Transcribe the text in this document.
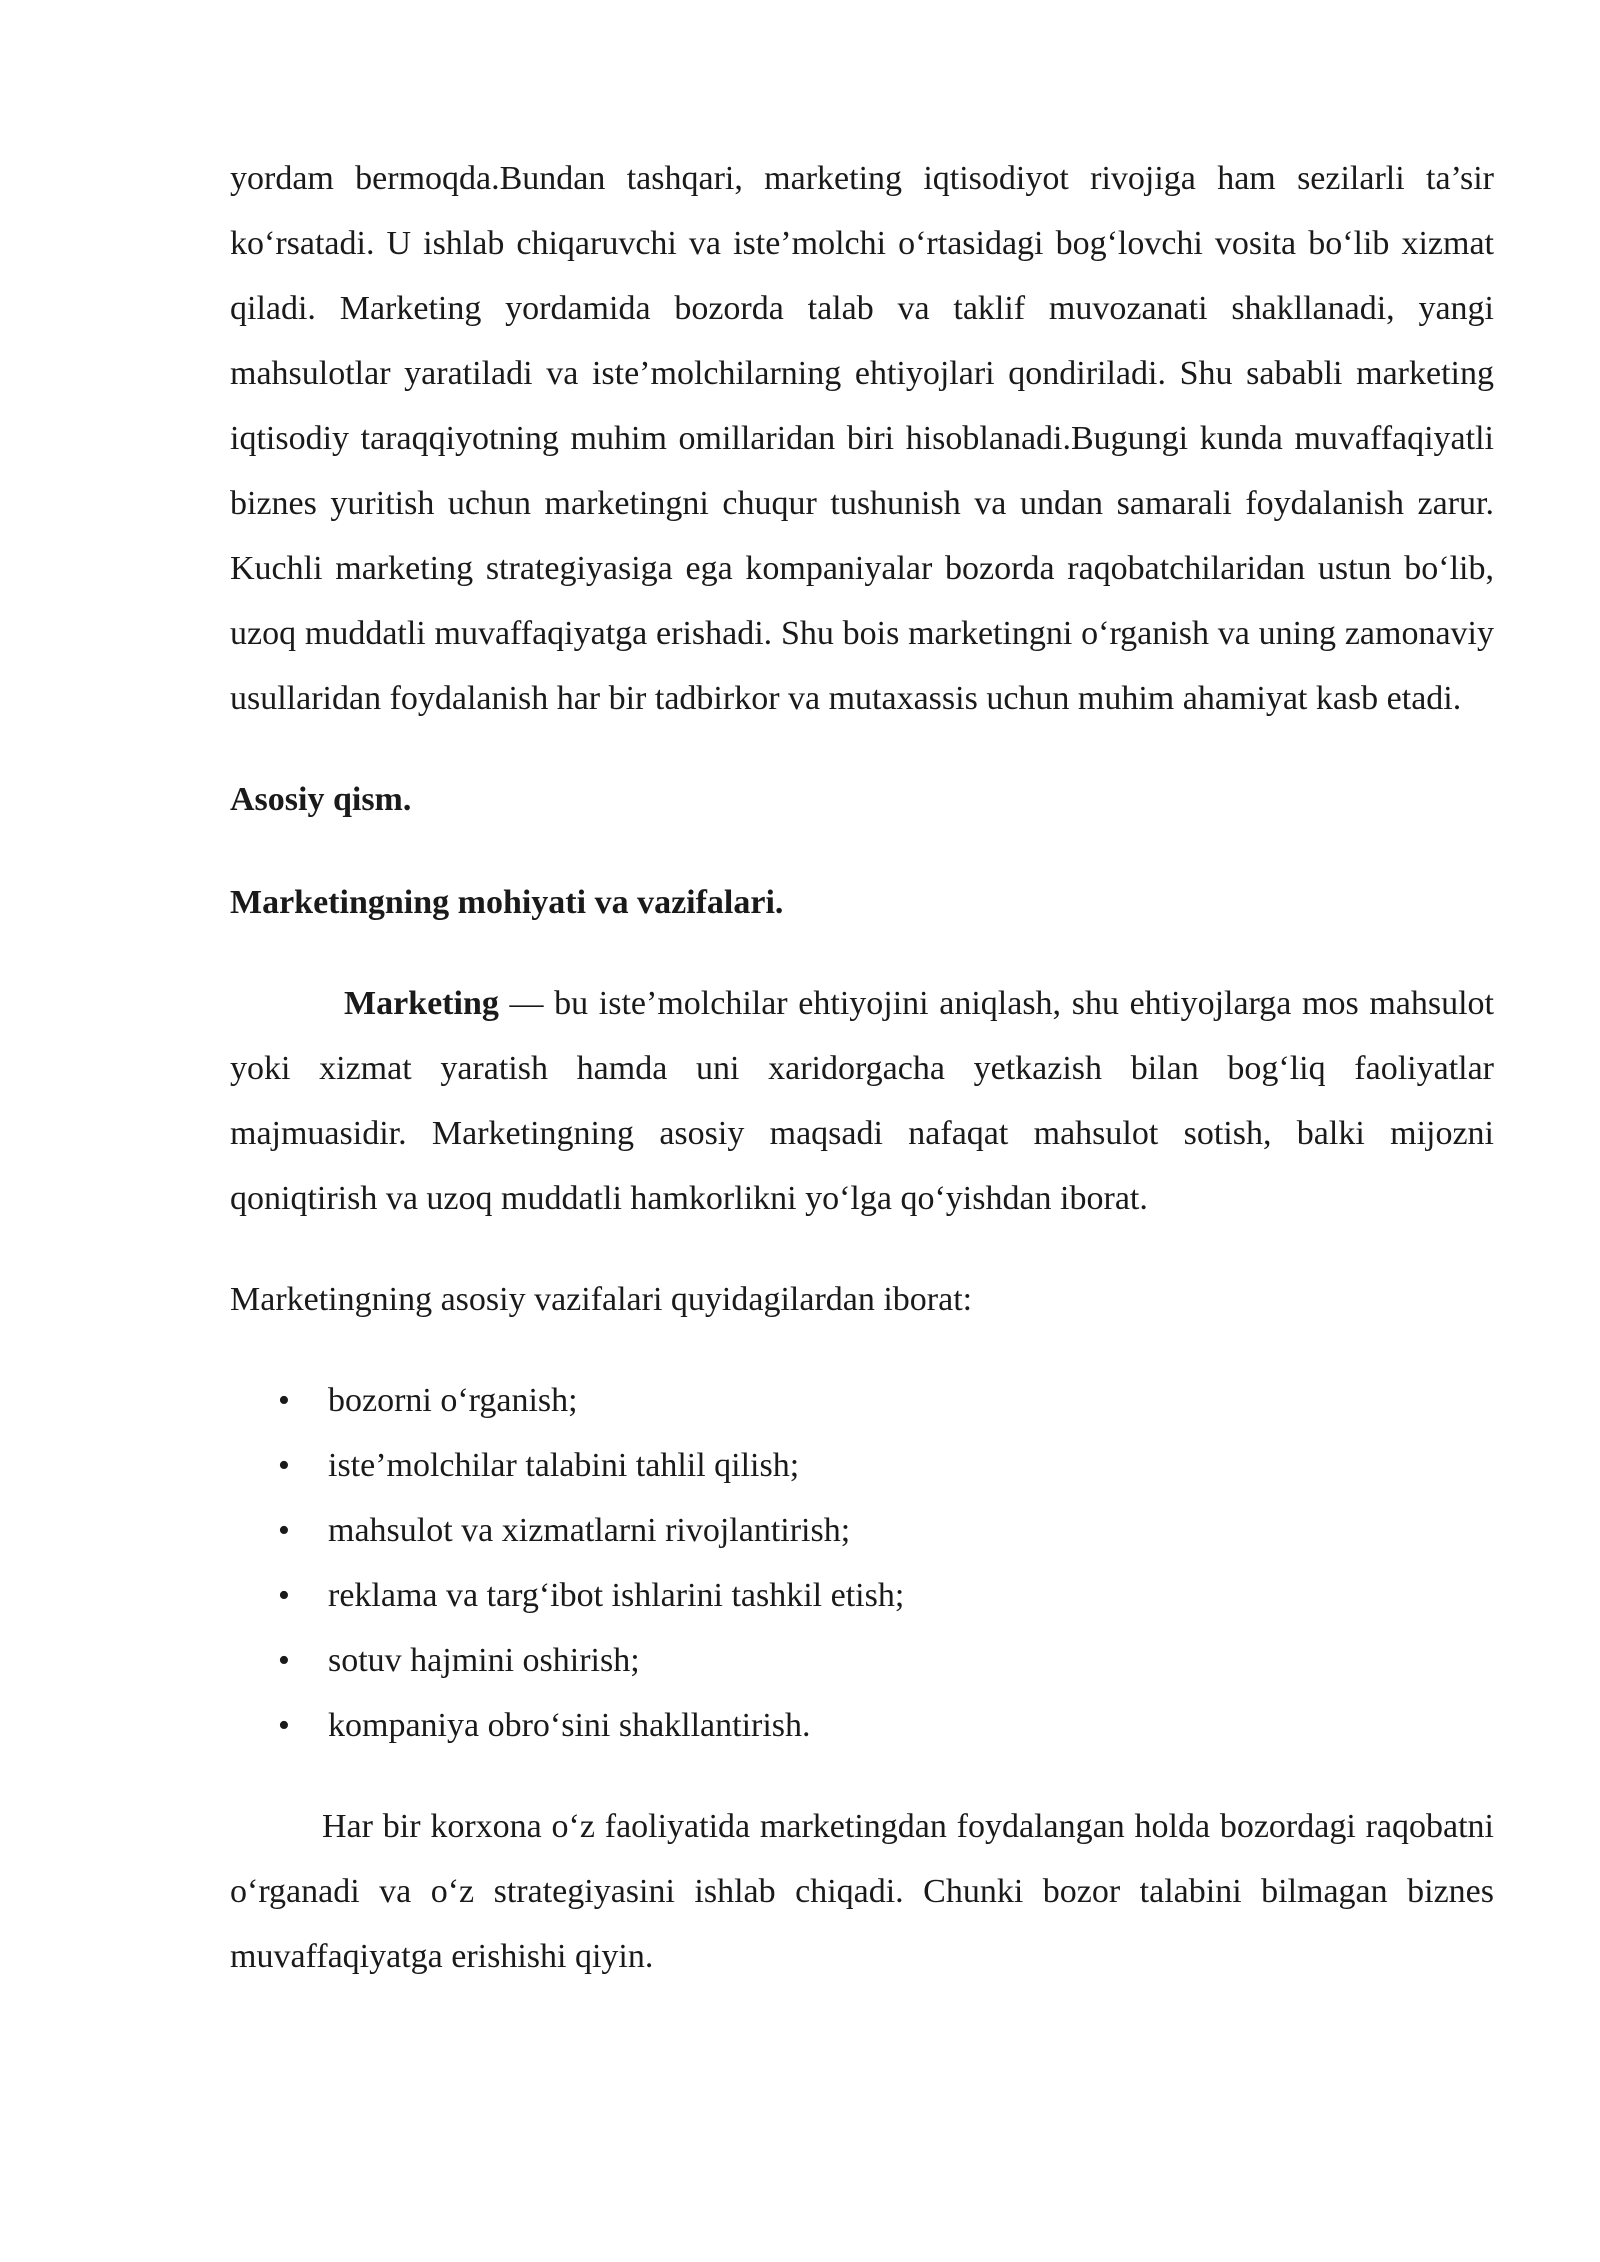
yordam bermoqda.Bundan tashqari, marketing iqtisodiyot rivojiga ham sezilarli ta’sir ko‘rsatadi. U ishlab chiqaruvchi va iste’molchi o‘rtasidagi bog‘lovchi vosita bo‘lib xizmat qiladi. Marketing yordamida bozorda talab va taklif muvozanati shakllanadi, yangi mahsulotlar yaratiladi va iste’molchilarning ehtiyojlari qondiriladi. Shu sababli marketing iqtisodiy taraqqiyotning muhim omillaridan biri hisoblanadi.Bugungi kunda muvaffaqiyatli biznes yuritish uchun marketingni chuqur tushunish va undan samarali foydalanish zarur. Kuchli marketing strategiyasiga ega kompaniyalar bozorda raqobatchilaridan ustun bo‘lib, uzoq muddatli muvaffaqiyatga erishadi. Shu bois marketingni o‘rganish va uning zamonaviy usullaridan foydalanish har bir tadbirkor va mutaxassis uchun muhim ahamiyat kasb etadi.

Asosiy qism.

Marketingning mohiyati va vazifalari.

Marketing — bu iste’molchilar ehtiyojini aniqlash, shu ehtiyojlarga mos mahsulot yoki xizmat yaratish hamda uni xaridorgacha yetkazish bilan bog‘liq faoliyatlar majmuasidir. Marketingning asosiy maqsadi nafaqat mahsulot sotish, balki mijozni qoniqtirish va uzoq muddatli hamkorlikni yo‘lga qo‘yishdan iborat.

Marketingning asosiy vazifalari quyidagilardan iborat:

• bozorni o‘rganish;
• iste’molchilar talabini tahlil qilish;
• mahsulot va xizmatlarni rivojlantirish;
• reklama va targ‘ibot ishlarini tashkil etish;
• sotuv hajmini oshirish;
• kompaniya obro‘sini shakllantirish.

Har bir korxona o‘z faoliyatida marketingdan foydalangan holda bozordagi raqobatni o‘rganadi va o‘z strategiyasini ishlab chiqadi. Chunki bozor talabini bilmagan biznes muvaffaqiyatga erishishi qiyin.
